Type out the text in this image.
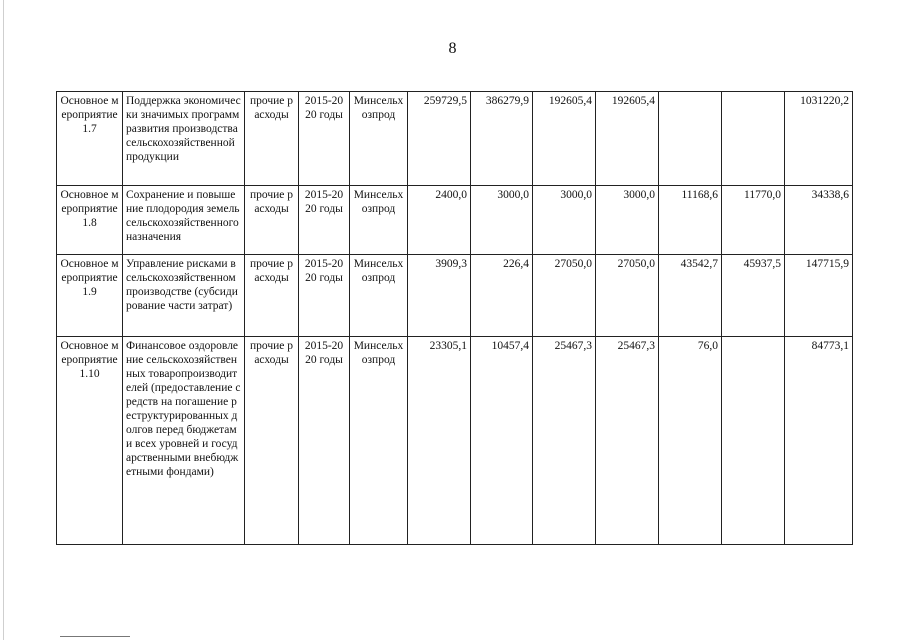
8
Основное мероприятие 1.7	Поддержка экономически значимых программ развития производства сельскохозяйственной продукции	прочие расходы	2015-2020 годы	Минсельхозпрод	259729,5	386279,9	192605,4	192605,4			1031220,2
Основное мероприятие 1.8	Сохранение и повышение плодородия земель сельскохозяйственного назначения	прочие расходы	2015-2020 годы	Минсельхозпрод	2400,0	3000,0	3000,0	3000,0	11168,6	11770,0	34338,6
Основное мероприятие 1.9	Управление рисками в сельскохозяйственном производстве (субсидирование части затрат)	прочие расходы	2015-2020 годы	Минсельхозпрод	3909,3	226,4	27050,0	27050,0	43542,7	45937,5	147715,9
Основное мероприятие 1.10	Финансовое оздоровление сельскохозяйственных товаропроизводителей (предоставление средств на погашение реструктурированных долгов перед бюджетами всех уровней и государственными внебюджетными фондами)	прочие расходы	2015-2020 годы	Минсельхозпрод	23305,1	10457,4	25467,3	25467,3	76,0		84773,1
